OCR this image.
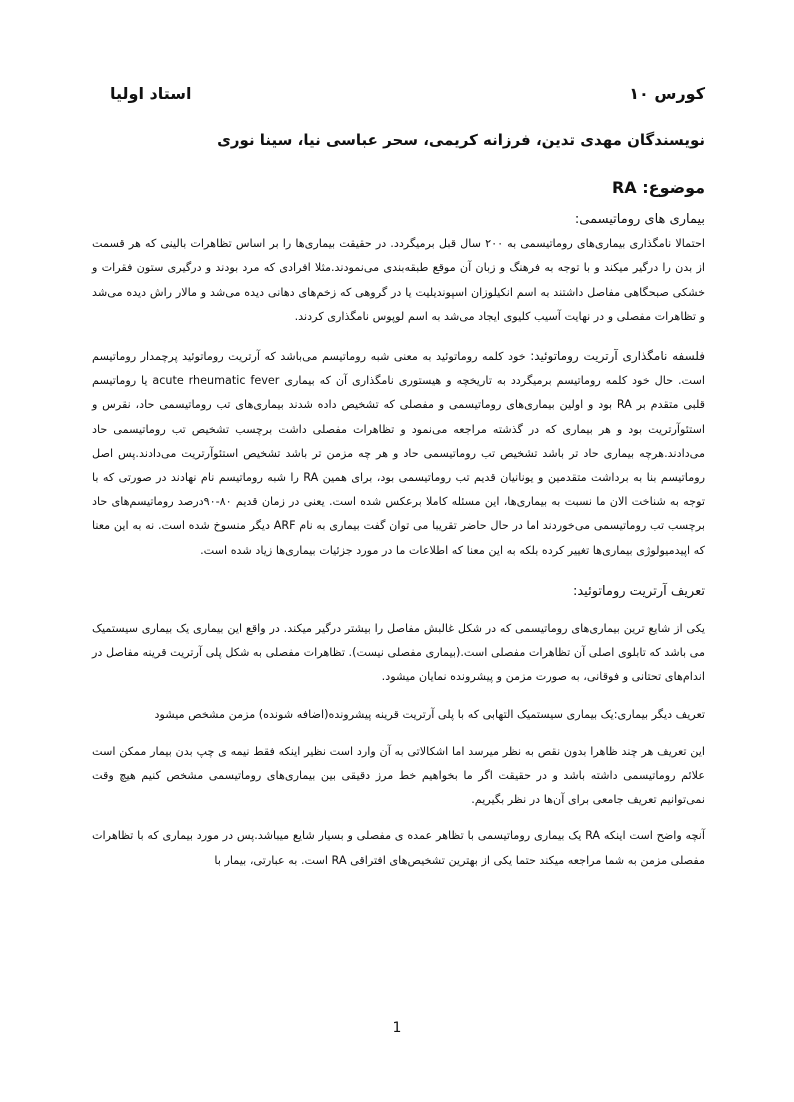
کورس ۱۰
استاد اولیا
نویسندگان مهدی تدین، فرزانه کریمی، سحر عباسی نیا، سینا نوری
موضوع: RA

بیماری های روماتیسمی:

احتمالا نامگذاری بیماری‌های روماتیسمی به ۲۰۰ سال قبل برمیگردد. در حقیقت بیماری‌ها را بر اساس تظاهرات بالینی که هر قسمت از بدن را درگیر میکند و با توجه به فرهنگ و زبان آن موقع طبقه‌بندی می‌نمودند.مثلا افرادی که مرد بودند و درگیری ستون فقرات و خشکی صبحگاهی مفاصل داشتند به اسم انکیلوزان اسپوندیلیت یا در گروهی که زخم‌های دهانی دیده می‌شد و مالار راش دیده می‌شد و تظاهرات مفصلی و در نهایت آسیب کلیوی ایجاد می‌شد به اسم لوپوس نامگذاری کردند.

فلسفه نامگذاری آرتریت روماتوئید: خود کلمه روماتوئید به معنی شبه روماتیسم می‌باشد که آرتریت روماتوئید پرچمدار روماتیسم است. حال خود کلمه روماتیسم برمیگردد به تاریخچه و هیستوری نامگذاری آن که بیماری acute rheumatic fever یا روماتیسم قلبی متقدم بر RA بود و اولین بیماری‌های روماتیسمی و مفصلی که تشخیص داده شدند بیماری‌های تب روماتیسمی حاد، نقرس و استئوآرتریت بود و هر بیماری که در گذشته مراجعه می‌نمود و تظاهرات مفصلی داشت برچسب تشخیص تب روماتیسمی حاد می‌دادند.هرچه بیماری حاد تر باشد تشخیص تب روماتیسمی حاد و هر چه مزمن تر باشد تشخیص استئوآرتریت می‌دادند.پس اصل روماتیسم بنا به برداشت متقدمین و یونانیان قدیم تب روماتیسمی بود، برای همین RA را شبه روماتیسم نام نهادند در صورتی که با توجه به شناخت الان ما نسبت به بیماری‌ها، این مسئله کاملا برعکس شده است. یعنی در زمان قدیم ۸۰-۹۰درصد روماتیسم‌های حاد برچسب تب روماتیسمی می‌خوردند اما در حال حاضر تقریبا می توان گفت بیماری به نام ARF دیگر منسوخ شده است. نه به این معنا که اپیدمیولوژی بیماری‌ها تغییر کرده بلکه به این معنا که اطلاعات ما در مورد جزئیات بیماری‌ها زیاد شده است.

تعریف آرتریت روماتوئید:

یکی از شایع ترین بیماری‌های روماتیسمی که در شکل غالبش مفاصل را بیشتر درگیر میکند. در واقع این بیماری یک بیماری سیستمیک می باشد که تابلوی اصلی آن تظاهرات مفصلی است.(بیماری مفصلی نیست). تظاهرات مفصلی به شکل پلی آرتریت قرینه مفاصل در اندام‌های تحتانی و فوقانی، به صورت مزمن و پیشرونده نمایان میشود.

تعریف دیگر بیماری:یک بیماری سیستمیک التهابی که با پلی آرتریت قرینه پیشرونده(اضافه شونده) مزمن مشخص میشود

این تعریف هر چند ظاهرا بدون نقص به نظر میرسد اما اشکالاتی به آن وارد است نظیر اینکه فقط نیمه ی چپ بدن بیمار ممکن است علائم روماتیسمی داشته باشد و در حقیقت اگر ما بخواهیم خط مرز دقیقی بین بیماری‌های روماتیسمی مشخص کنیم هیچ وقت نمی‌توانیم تعریف جامعی برای آن‌ها در نظر بگیریم.

آنچه واضح است اینکه RA یک بیماری روماتیسمی با تظاهر عمده ی مفصلی و بسیار شایع میباشد.پس در مورد بیماری که با تظاهرات مفصلی مزمن به شما مراجعه میکند حتما یکی از بهترین تشخیص‌های افتراقی RA است. به عبارتی، بیمار با

1
